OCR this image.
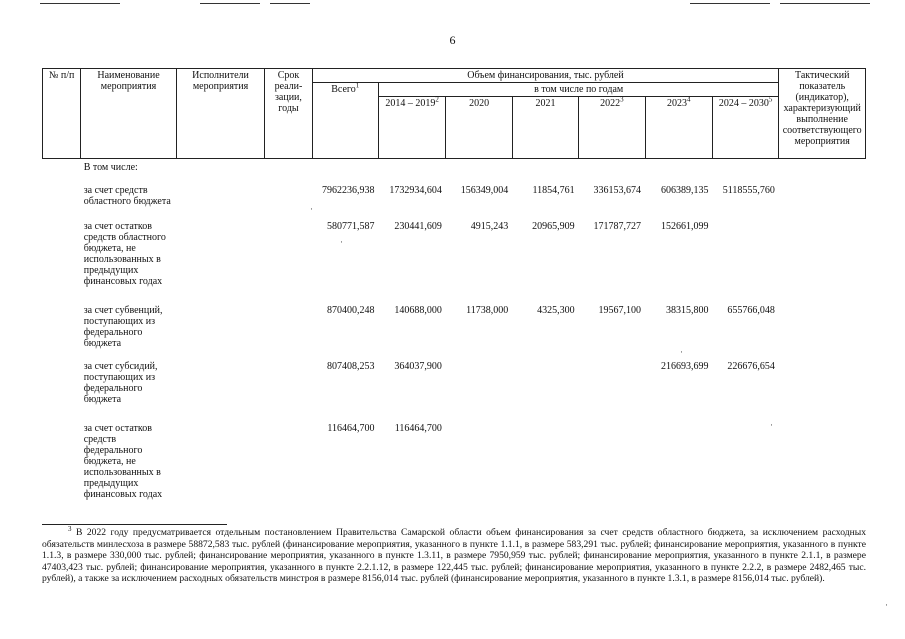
6
№ п/п	Наименование мероприятия	Исполнители мероприятия	Срок реали-зации, годы	Объем финансирования, тыс. рублей							Тактический показатель (индикатор), характеризующий выполнение соответствующего мероприятия
				Всего$^1$	в том числе по годам						
					2014 – 2019$^2$	2020	2021	2022$^3$	2023$^4$	2024 – 2030$^5$
	В том числе:										
	за счет средств областного бюджета			7962236,938	1732934,604	156349,004	11854,761	336153,674	606389,135	5118555,760	
	за счет остатков средств областного бюджета, не использованных в предыдущих финансовых годах			580771,587	230441,609	4915,243	20965,909	171787,727	152661,099		
	за счет субвенций, поступающих из федерального бюджета			870400,248	140688,000	11738,000	4325,300	19567,100	38315,800	655766,048	
	за счет субсидий, поступающих из федерального бюджета			807408,253	364037,900				216693,699	226676,654	
	за счет остатков средств федерального бюджета, не использованных в предыдущих финансовых годах			116464,700	116464,700						
$^3$ В 2022 году предусматривается отдельным постановлением Правительства Самарской области объем финансирования за счет средств областного бюджета, за исключением расходных обязательств минлесхоза в размере 58872,583 тыс. рублей (финансирование мероприятия, указанного в пункте 1.1.1, в размере 583,291 тыс. рублей; финансирование мероприятия, указанного в пункте 1.1.3, в размере 330,000 тыс. рублей; финансирование мероприятия, указанного в пункте 1.3.11, в размере 7950,959 тыс. рублей; финансирование мероприятия, указанного в пункте 2.1.1, в размере 47403,423 тыс. рублей; финансирование мероприятия, указанного в пункте 2.2.1.12, в размере 122,445 тыс. рублей; финансирование мероприятия, указанного в пункте 2.2.2, в размере 2482,465 тыс. рублей), а также за исключением расходных обязательств минстроя в размере 8156,014 тыс. рублей (финансирование мероприятия, указанного в пункте 1.3.1, в размере 8156,014 тыс. рублей).
·
·
·
·
·
